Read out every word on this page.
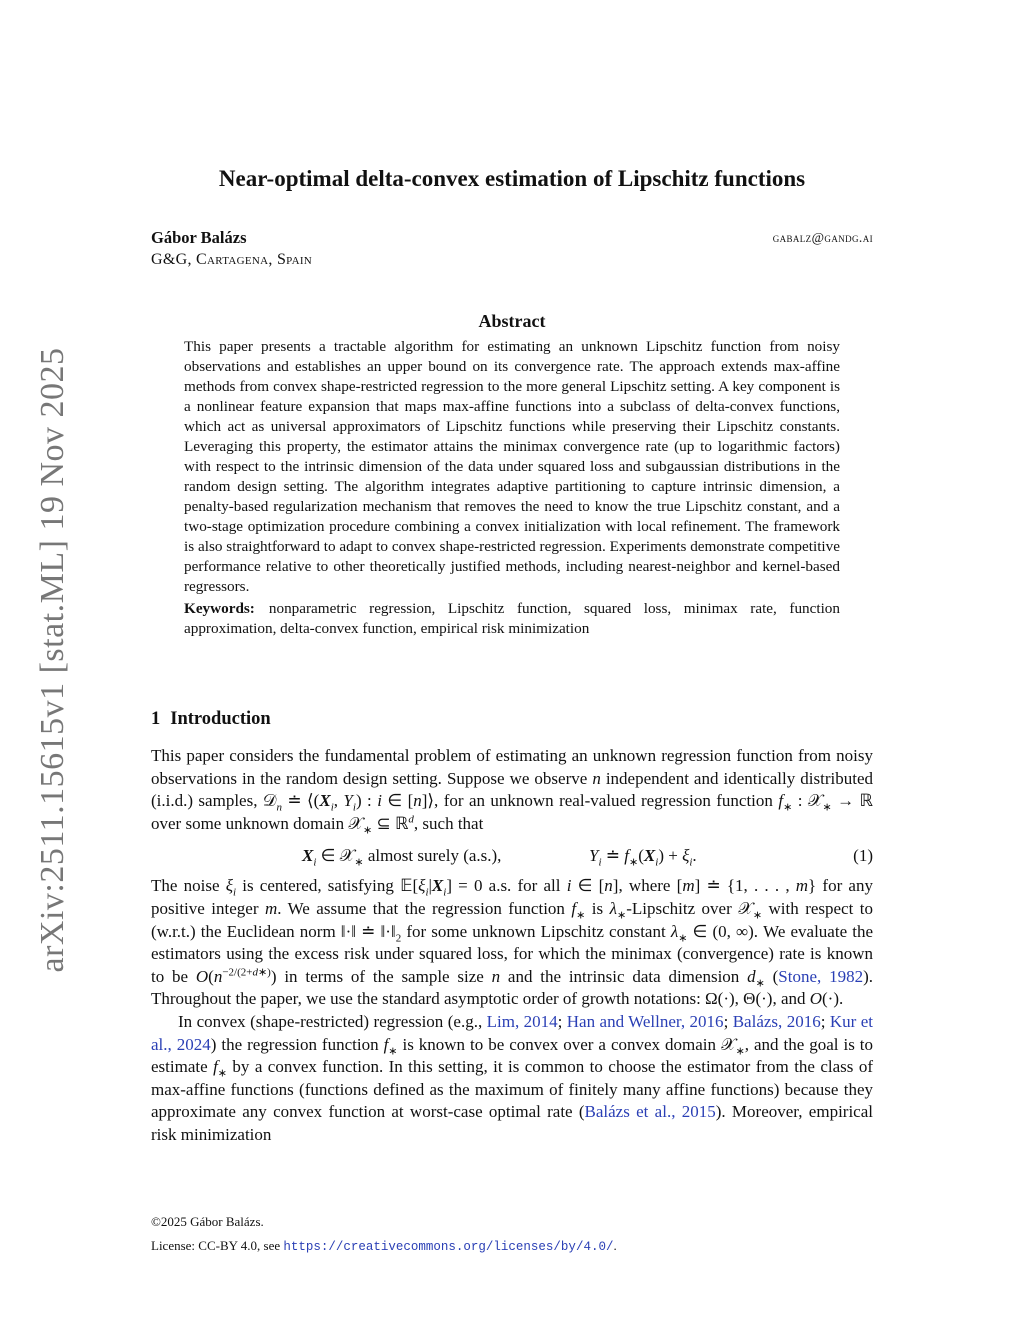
arXiv:2511.15615v1 [stat.ML] 19 Nov 2025
Near-optimal delta-convex estimation of Lipschitz functions
Gábor Balázs	gabalz@gandg.ai
G&G, Cartagena, Spain
Abstract

This paper presents a tractable algorithm for estimating an unknown Lipschitz function from noisy observations and establishes an upper bound on its convergence rate. The approach extends max-affine methods from convex shape-restricted regression to the more general Lipschitz setting. A key component is a nonlinear feature expansion that maps max-affine functions into a subclass of delta-convex functions, which act as universal approximators of Lipschitz functions while preserving their Lipschitz constants. Leveraging this property, the estimator attains the minimax convergence rate (up to logarithmic factors) with respect to the intrinsic dimension of the data under squared loss and subgaussian distributions in the random design setting. The algorithm integrates adaptive partitioning to capture intrinsic dimension, a penalty-based regularization mechanism that removes the need to know the true Lipschitz constant, and a two-stage optimization procedure combining a convex initialization with local refinement. The framework is also straightforward to adapt to convex shape-restricted regression. Experiments demonstrate competitive performance relative to other theoretically justified methods, including nearest-neighbor and kernel-based regressors.

Keywords: nonparametric regression, Lipschitz function, squared loss, minimax rate, function approximation, delta-convex function, empirical risk minimization

1 Introduction

This paper considers the fundamental problem of estimating an unknown regression function from noisy observations in the random design setting. Suppose we observe n independent and identically distributed (i.i.d.) samples, 𝒟$_n$ ≐ $⟨(X_i$, $Y_i$) : i ∈ [n]⟩, for an unknown real-valued regression function $f_∗$ : 𝒳$_∗$ → ℝ over some unknown domain 𝒳$_∗$ ⊆ ℝ$^d$, such that

$X_i$ ∈ 𝒳$_∗$ almost surely (a.s.),	$Y_i$ ≐ $f_∗(X_i) + \xi_i$.	(1)

The noise $\xi_i$ is centered, satisfying $𝔼[\xi_i|X_i] = 0$ a.s. for all i ∈ [n], where [m] ≐ {1, . . . , m} for any positive integer m. We assume that the regression function $f_∗$ is $\lambda_∗$-Lipschitz over 𝒳$_∗$ with respect to (w.r.t.) the Euclidean norm ‖·‖ ≐ $‖\cdot‖_2$ for some unknown Lipschitz constant $\lambda_∗$ ∈ (0, ∞). We evaluate the estimators using the excess risk under squared loss, for which the minimax (convergence) rate is known to be $O(n^{-2/(2+d∗)})$ in terms of the sample size n and the intrinsic data dimension $d_∗$ (Stone, 1982). Throughout the paper, we use the standard asymptotic order of growth notations: Ω(·), Θ(·), and O(·).

In convex (shape-restricted) regression (e.g., Lim, 2014; Han and Wellner, 2016; Balázs, 2016; Kur et al., 2024) the regression function $f_∗$ is known to be convex over a convex domain 𝒳$_∗$, and the goal is to estimate $f_∗$ by a convex function. In this setting, it is common to choose the estimator from the class of max-affine functions (functions defined as the maximum of finitely many affine functions) because they approximate any convex function at worst-case optimal rate (Balázs et al., 2015). Moreover, empirical risk minimization

©2025 Gábor Balázs.
License: CC-BY 4.0, see https://creativecommons.org/licenses/by/4.0/.
